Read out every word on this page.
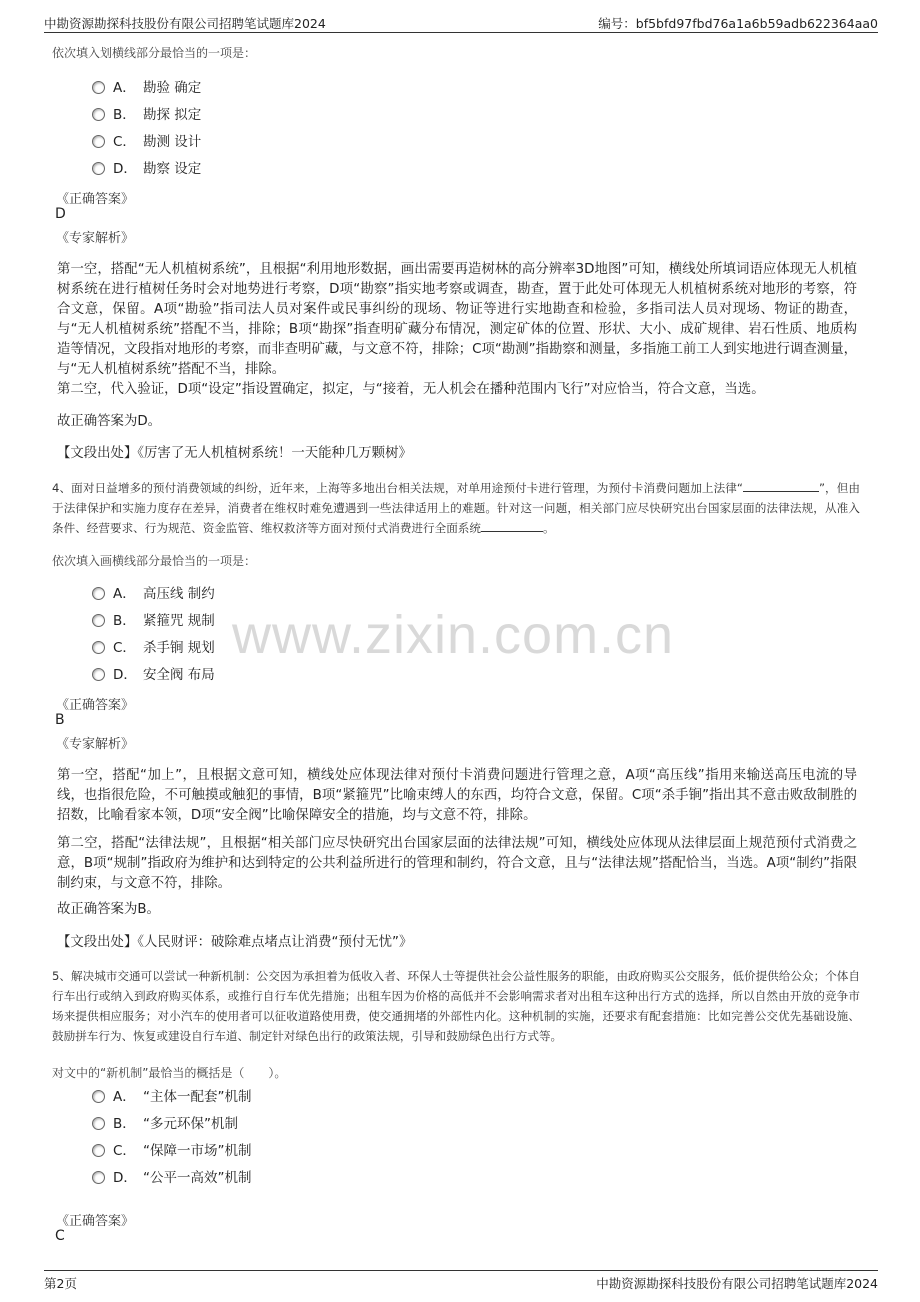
中勘资源勘探科技股份有限公司招聘笔试题库2024	编号：bf5bfd97fbd76a1a6b59adb622364aa0
www.zixin.com.cn
依次填入划横线部分最恰当的一项是：
A． 勘验 确定
B． 勘探 拟定
C． 勘测 设计
D． 勘察 设定
《正确答案》
D
《专家解析》
第一空，搭配“无人机植树系统”，且根据“利用地形数据，画出需要再造树林的高分辨率3D地图”可知，横线处所填词语应体现无人机植树系统在进行植树任务时会对地势进行考察，D项“勘察”指实地考察或调查，勘查，置于此处可体现无人机植树系统对地形的考察，符合文意，保留。A项“勘验”指司法人员对案件或民事纠纷的现场、物证等进行实地勘查和检验，多指司法人员对现场、物证的勘查，与“无人机植树系统”搭配不当，排除；B项“勘探”指查明矿藏分布情况，测定矿体的位置、形状、大小、成矿规律、岩石性质、地质构造等情况，文段指对地形的考察，而非查明矿藏，与文意不符，排除；C项“勘测”指勘察和测量，多指施工前工人到实地进行调查测量，与“无人机植树系统”搭配不当，排除。
第二空，代入验证，D项“设定”指设置确定，拟定，与“接着，无人机会在播种范围内飞行”对应恰当，符合文意，当选。
故正确答案为D。
【文段出处】《厉害了无人机植树系统！一天能种几万颗树》
4、面对日益增多的预付消费领域的纠纷，近年来，上海等多地出台相关法规，对单用途预付卡进行管理，为预付卡消费问题加上法律“	”，但由于法律保护和实施力度存在差异，消费者在维权时难免遭遇到一些法律适用上的难题。针对这一问题，相关部门应尽快研究出台国家层面的法律法规，从准入条件、经营要求、行为规范、资金监管、维权救济等方面对预付式消费进行全面系统	。
依次填入画横线部分最恰当的一项是：
A． 高压线 制约
B． 紧箍咒 规制
C． 杀手锏 规划
D． 安全阀 布局
《正确答案》
B
《专家解析》
第一空，搭配“加上”，且根据文意可知，横线处应体现法律对预付卡消费问题进行管理之意，A项“高压线”指用来输送高压电流的导线，也指很危险，不可触摸或触犯的事情，B项“紧箍咒”比喻束缚人的东西，均符合文意，保留。C项“杀手锏”指出其不意击败敌制胜的招数，比喻看家本领，D项“安全阀”比喻保障安全的措施，均与文意不符，排除。
第二空，搭配“法律法规”，且根据“相关部门应尽快研究出台国家层面的法律法规”可知，横线处应体现从法律层面上规范预付式消费之意，B项“规制”指政府为维护和达到特定的公共利益所进行的管理和制约，符合文意，且与“法律法规”搭配恰当，当选。A项“制约”指限制约束，与文意不符，排除。
故正确答案为B。
【文段出处】《人民财评：破除难点堵点让消费“预付无忧”》
5、解决城市交通可以尝试一种新机制：公交因为承担着为低收入者、环保人士等提供社会公益性服务的职能，由政府购买公交服务，低价提供给公众；个体自行车出行或纳入到政府购买体系，或推行自行车优先措施；出租车因为价格的高低并不会影响需求者对出租车这种出行方式的选择，所以自然由开放的竞争市场来提供相应服务；对小汽车的使用者可以征收道路使用费，使交通拥堵的外部性内化。这种机制的实施，还要求有配套措施：比如完善公交优先基础设施、鼓励拼车行为、恢复或建设自行车道、制定针对绿色出行的政策法规，引导和鼓励绿色出行方式等。
对文中的“新机制”最恰当的概括是（　　）。
A． “主体一配套”机制
B． “多元环保”机制
C． “保障一市场”机制
D． “公平一高效”机制
《正确答案》
C
第2页	中勘资源勘探科技股份有限公司招聘笔试题库2024
